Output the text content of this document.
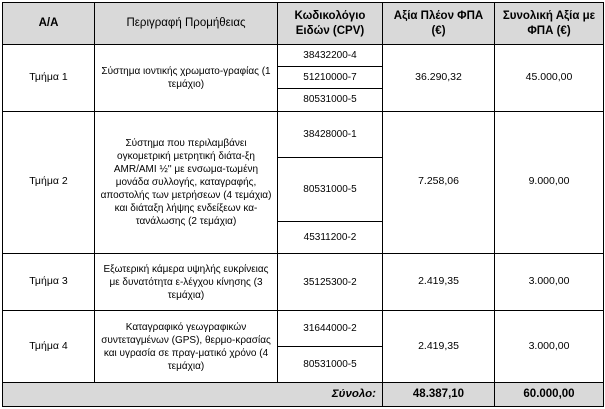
Α/Α	Περιγραφή Προμήθειας	Κωδικολόγιο Ειδών (CPV)	Αξία Πλέον ΦΠΑ (€)	Συνολική Αξία με ΦΠΑ (€)
Τμήμα 1	Σύστημα ιοντικής χρωματο-γραφίας (1 τεμάχιο)	38432200-4	36.290,32	45.000,00
		51210000-7		
		80531000-5		
Τμήμα 2	Σύστημα που περιλαμβάνει ογκομετρική μετρητική διάτα-ξη AMR/AMI ½'' με ενσωμα-τωμένη μονάδα συλλογής, καταγραφής, αποστολής των μετρήσεων (4 τεμάχια) και διάταξη λήψης ενδείξεων κα-τανάλωσης (2 τεμάχια)	38428000-1	7.258,06	9.000,00
		80531000-5		
		45311200-2		
Τμήμα 3	Εξωτερική κάμερα υψηλής ευκρίνειας με δυνατότητα ε-λέγχου κίνησης (3 τεμάχια)	35125300-2	2.419,35	3.000,00
Τμήμα 4	Καταγραφικό γεωγραφικών συντεταγμένων (GPS), θερμο-κρασίας και υγρασία σε πραγ-ματικό χρόνο (4 τεμάχια)	31644000-2	2.419,35	3.000,00
		80531000-5		
Σύνολο:			48.387,10	60.000,00
